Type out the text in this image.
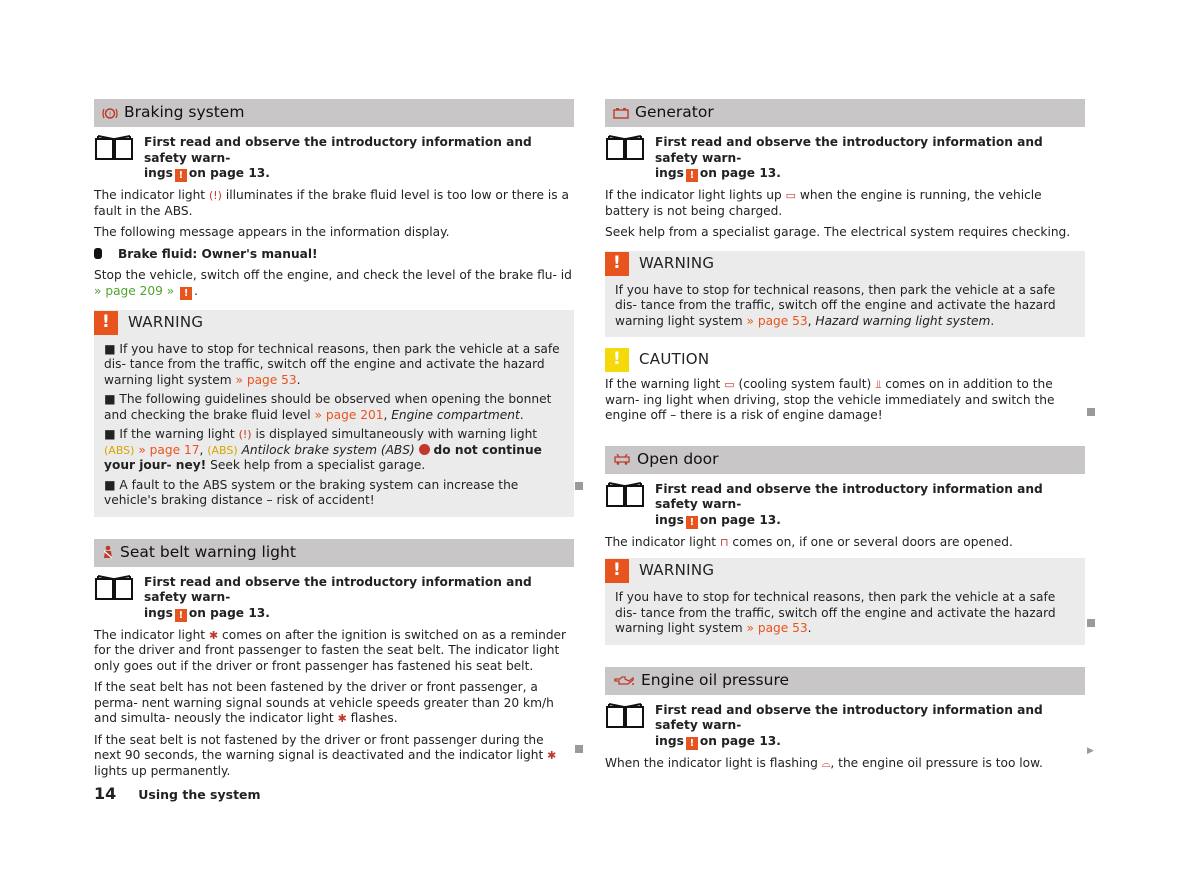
! Braking system
First read and observe the introductory information and safety warn-
ings ! on page 13.

The indicator light (!) illuminates if the brake fluid level is too low or there is a fault in the ABS.

The following message appears in the information display.

Brake fluid: Owner's manual!

Stop the vehicle, switch off the engine, and check the level of the brake flu- id » page 209 » ! .

!	WARNING

■ If you have to stop for technical reasons, then park the vehicle at a safe dis- tance from the traffic, switch off the engine and activate the hazard warning light system » page 53.

■ The following guidelines should be observed when opening the bonnet and checking the brake fluid level » page 201, Engine compartment.

■ If the warning light (!) is displayed simultaneously with warning light
(ABS) » page 17, (ABS) Antilock brake system (ABS) do not continue your jour- ney! Seek help from a specialist garage.

■ A fault to the ABS system or the braking system can increase the vehicle's braking distance – risk of accident!

Seat belt warning light
First read and observe the introductory information and safety warn-
ings ! on page 13.

The indicator light ✱ comes on after the ignition is switched on as a reminder for the driver and front passenger to fasten the seat belt. The indicator light only goes out if the driver or front passenger has fastened his seat belt.

If the seat belt has not been fastened by the driver or front passenger, a perma- nent warning signal sounds at vehicle speeds greater than 20 km/h and simulta- neously the indicator light ✱ flashes.

If the seat belt is not fastened by the driver or front passenger during the next 90 seconds, the warning signal is deactivated and the indicator light ✱ lights up permanently.

Generator
First read and observe the introductory information and safety warn-
ings ! on page 13.

If the indicator light lights up ▭ when the engine is running, the vehicle battery is not being charged.

Seek help from a specialist garage. The electrical system requires checking.

!	WARNING

If you have to stop for technical reasons, then park the vehicle at a safe dis- tance from the traffic, switch off the engine and activate the hazard warning light system » page 53, Hazard warning light system.

!	CAUTION

If the warning light ▭ (cooling system fault) ⫫ comes on in addition to the warn- ing light when driving, stop the vehicle immediately and switch the engine off – there is a risk of engine damage!

Open door
First read and observe the introductory information and safety warn-
ings ! on page 13.

The indicator light ⊓ comes on, if one or several doors are opened.

!	WARNING

If you have to stop for technical reasons, then park the vehicle at a safe dis- tance from the traffic, switch off the engine and activate the hazard warning light system » page 53.

Engine oil pressure
First read and observe the introductory information and safety warn-
ings ! on page 13.

When the indicator light is flashing ⌓, the engine oil pressure is too low.

▶
14 Using the system
